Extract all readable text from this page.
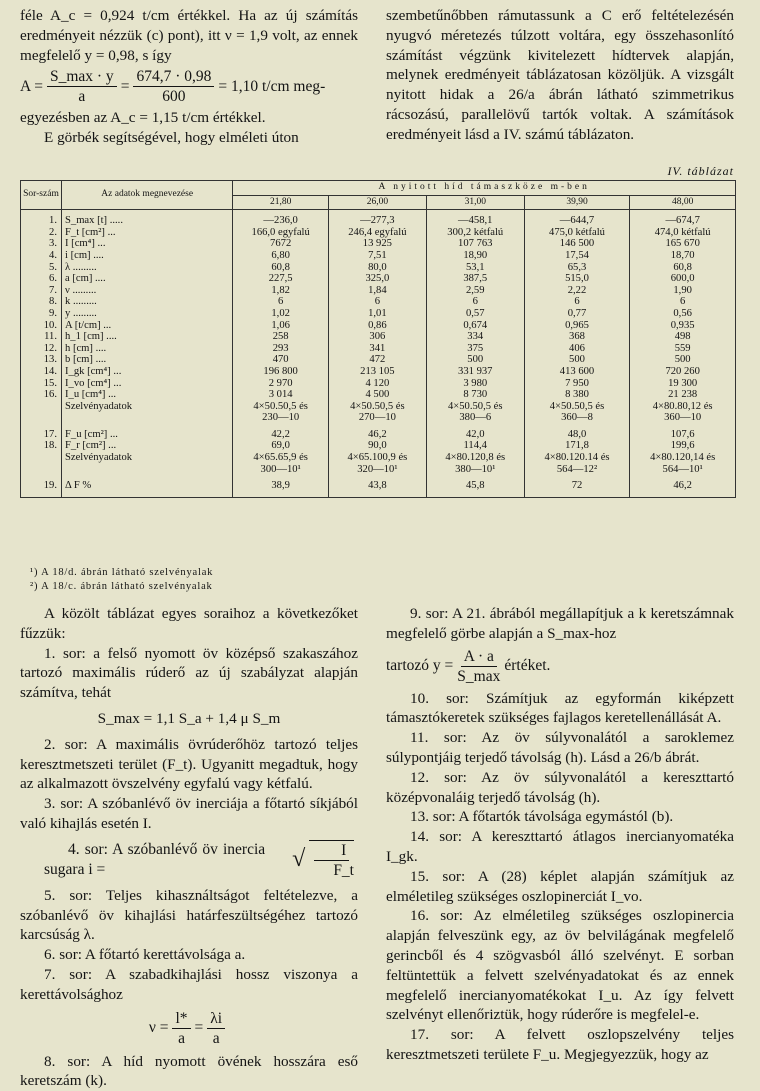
féle A_c = 0,924 t/cm értékkel. Ha az új számítás eredményeit nézzük (c) pont), itt ν = 1,9 volt, az ennek megfelelő y = 0,98, s így

$A = \frac{S\_\max \cdot y}{a} = \frac{674,7 \cdot 0,98}{600} = 1,10$ t/cm meg-

egyezésben az A_c = 1,15 t/cm értékkel.

E görbék segítségével, hogy elméleti úton

szembetűnőbben rámutassunk a C erő feltételezésén nyugvó méretezés túlzott voltára, egy összehasonlító számítást végzünk kivitelezett hídtervek alapján, melynek eredményeit táblázatosan közöljük. A vizsgált nyitott hidak a 26/a ábrán látható szimmetrikus rácsozású, parallelövű tartók voltak. A számítások eredményeit lásd a IV. számú táblázaton.

IV. táblázat
Sor-szám	Az adatok megnevezése	A nyitott híd támaszköze m-ben				
		21,80	26,00	31,00	39,90	48,00

1.	S_max [t] .....	—236,0	—277,3	—458,1	—644,7	—674,7
2.	F_t [cm²] ...	166,0 egyfalú	246,4 egyfalú	300,2 kétfalú	475,0 kétfalú	474,0 kétfalú
3.	I [cm⁴] ...	7672	13 925	107 763	146 500	165 670
4.	i [cm] ....	6,80	7,51	18,90	17,54	18,70
5.	λ .........	60,8	80,0	53,1	65,3	60,8
6.	a [cm] ....	227,5	325,0	387,5	515,0	600,0
7.	ν .........	1,82	1,84	2,59	2,22	1,90
8.	k .........	6	6	6	6	6
9.	y .........	1,02	1,01	0,57	0,77	0,56
10.	A [t/cm] ...	1,06	0,86	0,674	0,965	0,935
11.	h_1 [cm] ....	258	306	334	368	498
12.	h [cm] ....	293	341	375	406	559
13.	b [cm] ....	470	472	500	500	500
14.	I_gk [cm⁴] ...	196 800	213 105	331 937	413 600	720 260
15.	I_vo [cm⁴] ...	2 970	4 120	3 980	7 950	19 300
16.	I_u [cm⁴] ...	3 014	4 500	8 730	8 380	21 238
	Szelvényadatok	4×50.50,5 és	4×50.50,5 és	4×50.50,5 és	4×50.50,5 és	4×80.80,12 és
		230—10	270—10	380—6	360—8	360—10

17.	F_u [cm²] ...	42,2	46,2	42,0	48,0	107,6
18.	F_r [cm²] ...	69,0	90,0	114,4	171,8	199,6
	Szelvényadatok	4×65.65,9 és	4×65.100,9 és	4×80.120,8 és	4×80.120.14 és	4×80.120,14 és
		300—10¹	320—10¹	380—10¹	564—12²	564—10¹

19.	Δ F %	38,9	43,8	45,8	72	46,2

¹) A 18/d. ábrán látható szelvényalak
²) A 18/c. ábrán látható szelvényalak

A közölt táblázat egyes soraihoz a következőket fűzzük:

1. sor: a felső nyomott öv középső szakaszához tartozó maximális rúderő az új szabályzat alapján számítva, tehát

S_max = 1,1 S_a + 1,4 μ S_m

2. sor: A maximális övrúderőhöz tartozó teljes keresztmetszeti terület (F_t). Ugyanitt megadtuk, hogy az alkalmazott övszelvény egyfalú vagy kétfalú.

3. sor: A szóbanlévő öv inerciája a főtartó síkjából való kihajlás esetén I.

4. sor: A szóbanlévő öv inercia sugara i =	√ $\frac{I}{F\_t}$

5. sor: Teljes kihasználtságot feltételezve, a szóbanlévő öv kihajlási határfeszültségéhez tartozó karcsúság λ.

6. sor: A főtartó kerettávolsága a.

7. sor: A szabadkihajlási hossz viszonya a kerettávolsághoz

$\nu = \frac{l*}{a} = \frac{\lambda i}{a}$

8. sor: A híd nyomott övének hosszára eső keretszám (k).

9. sor: A 21. ábrából megállapítjuk a k keretszámnak megfelelő görbe alapján a S_max-hoz

tartozó $y = \frac{A \cdot a}{S\_\max}$ értéket.

10. sor: Számítjuk az egyformán kiképzett támasztókeretek szükséges fajlagos keretellenállását A.

11. sor: Az öv súlyvonalától a saroklemez súlypontjáig terjedő távolság (h). Lásd a 26/b ábrát.

12. sor: Az öv súlyvonalától a kereszttartó középvonaláig terjedő távolság (h).

13. sor: A főtartók távolsága egymástól (b).

14. sor: A kereszttartó átlagos inercianyomatéka I_gk.

15. sor: A (28) képlet alapján számítjuk az elméletileg szükséges oszlopinerciát I_vo.

16. sor: Az elméletileg szükséges oszlopinercia alapján felveszünk egy, az öv belvilágának megfelelő gerincből és 4 szögvasból álló szelvényt. E sorban feltüntettük a felvett szelvényadatokat és az ennek megfelelő inercianyomatékokat I_u. Az így felvett szelvényt ellenőriztük, hogy rúderőre is megfelel-e.

17. sor: A felvett oszlopszelvény teljes keresztmetszeti területe F_u. Megjegyezzük, hogy az
